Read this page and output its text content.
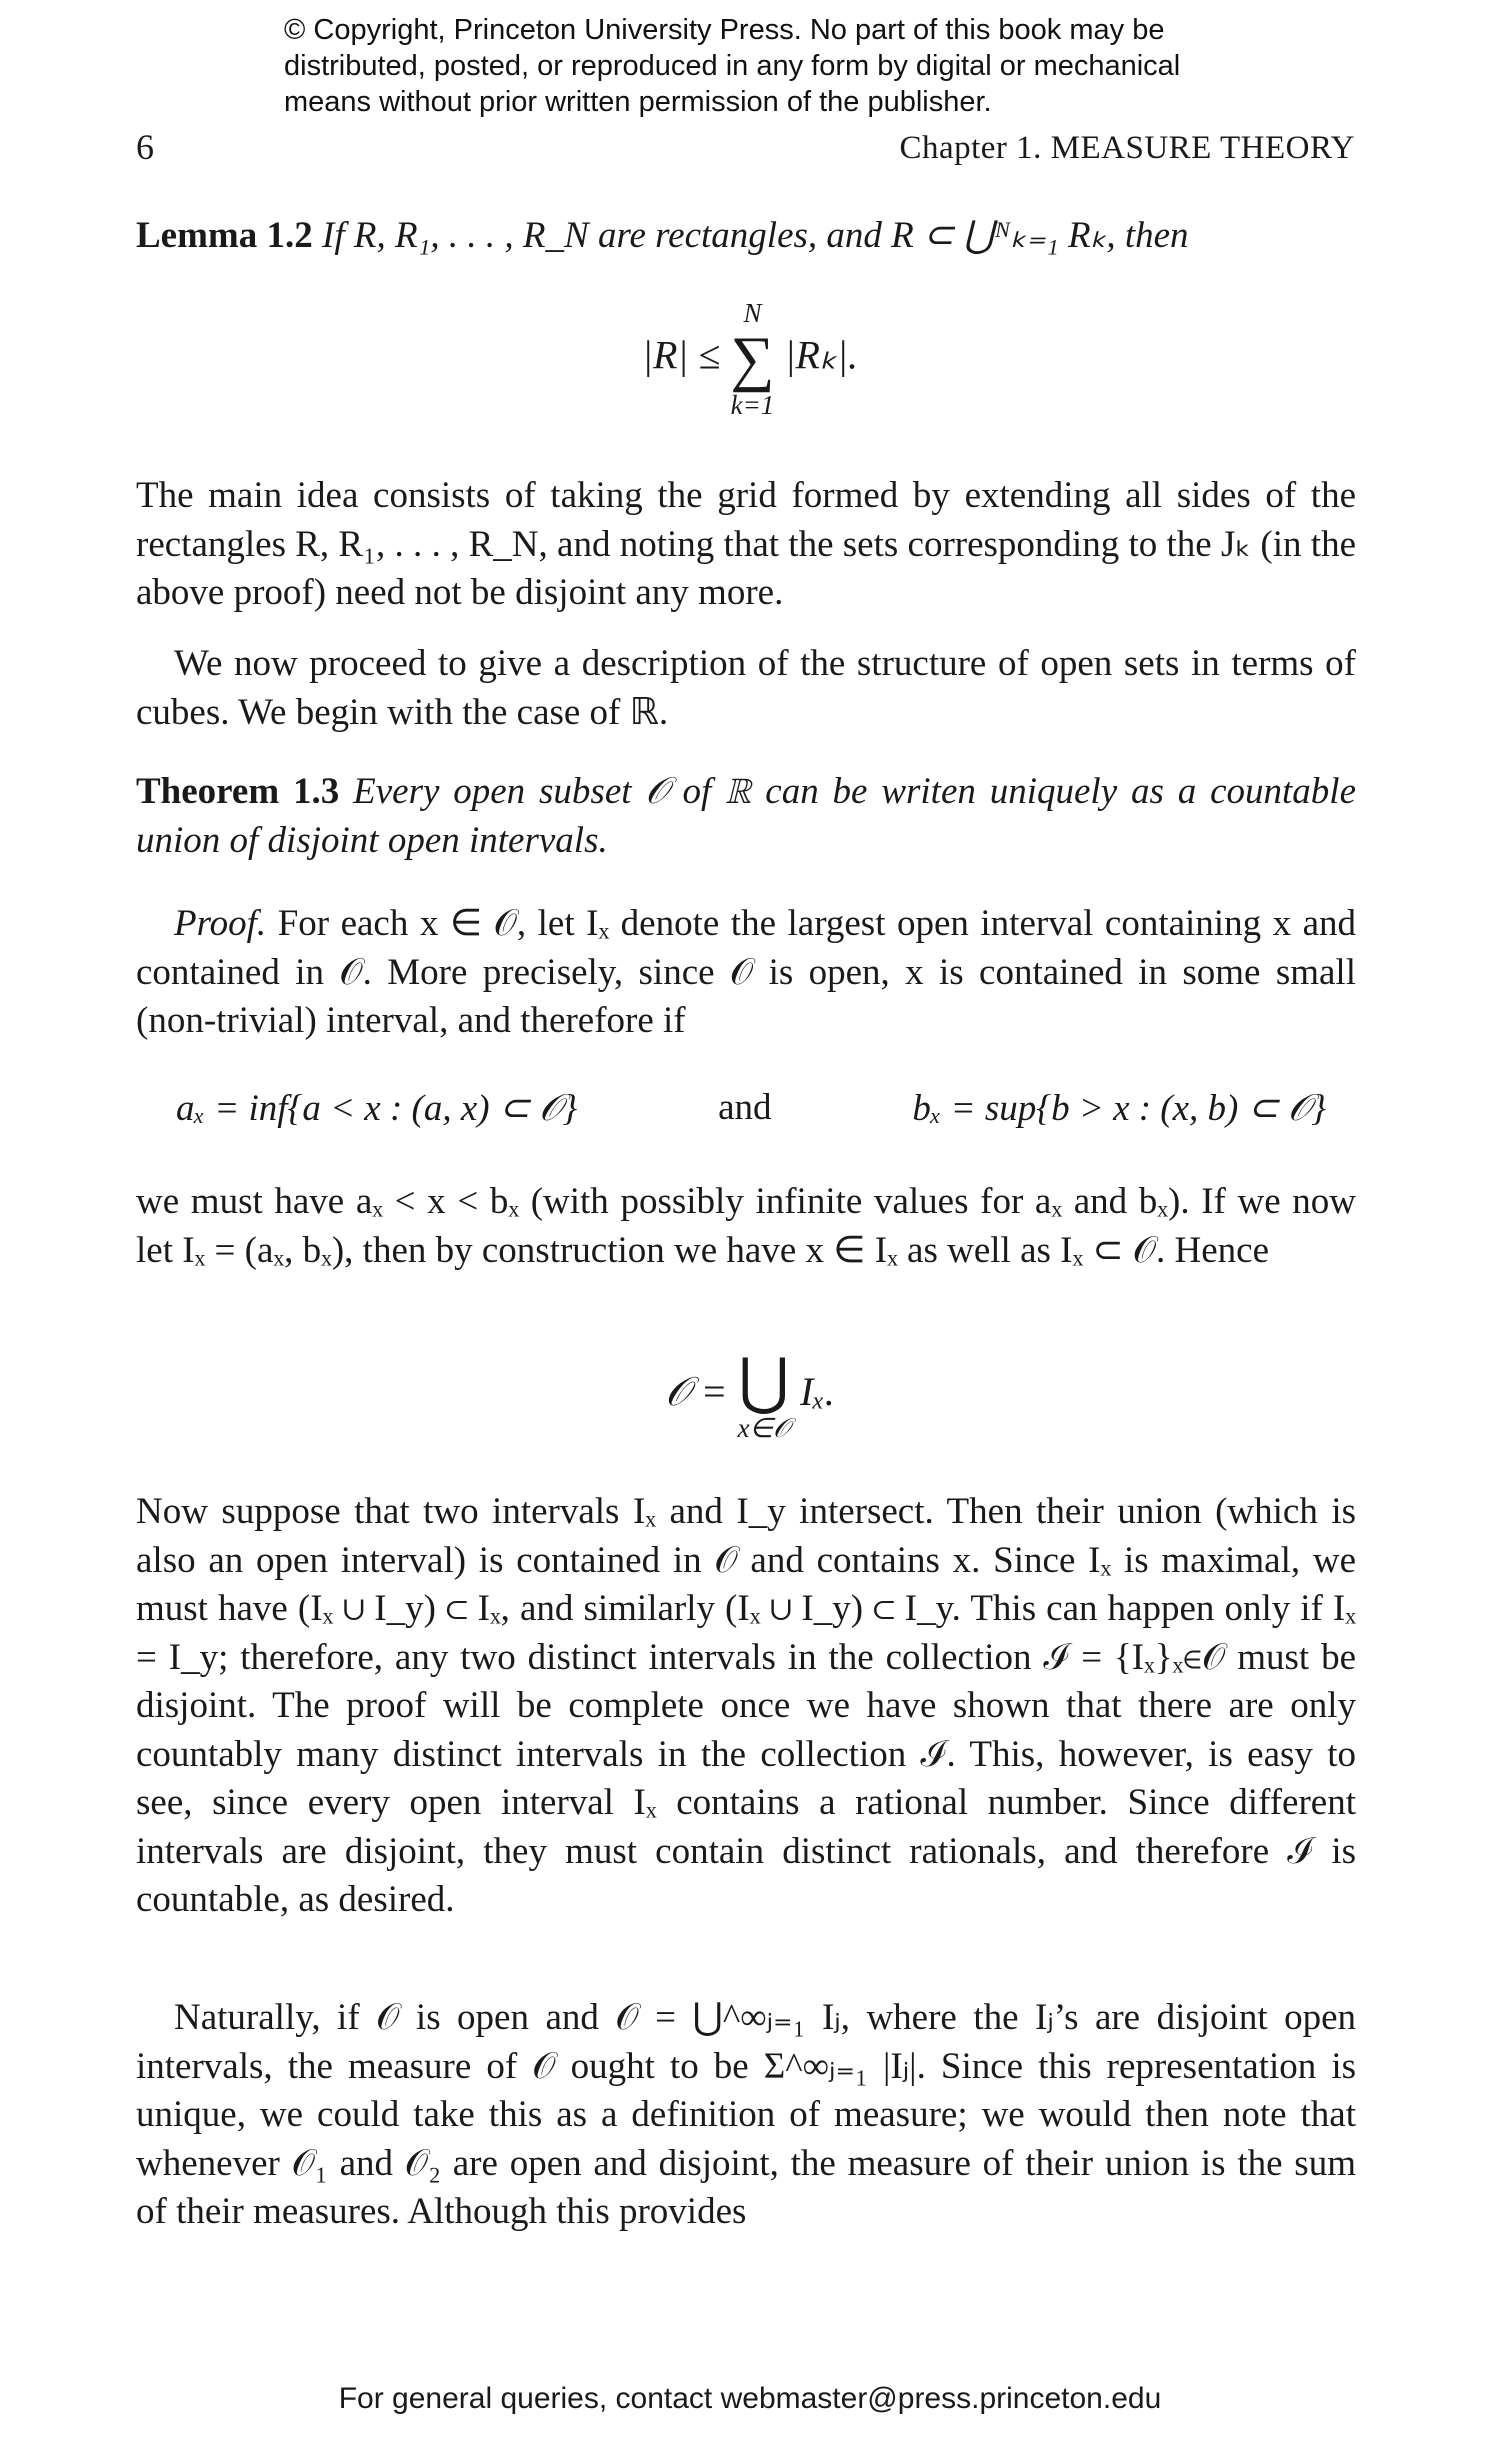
© Copyright, Princeton University Press. No part of this book may be
distributed, posted, or reproduced in any form by digital or mechanical
means without prior written permission of the publisher.
6	Chapter 1. MEASURE THEORY
Lemma 1.2 If R, R₁, . . . , R_N are rectangles, and R ⊂ ⋃ᴺₖ₌₁ Rₖ, then
|R| ≤
N
∑
k=1
|Rₖ|.
The main idea consists of taking the grid formed by extending all sides of the rectangles R, R₁, . . . , R_N, and noting that the sets corresponding to the Jₖ (in the above proof) need not be disjoint any more.
We now proceed to give a description of the structure of open sets in terms of cubes. We begin with the case of ℝ.
Theorem 1.3 Every open subset 𝒪 of ℝ can be writen uniquely as a countable union of disjoint open intervals.
Proof. For each x ∈ 𝒪, let Iₓ denote the largest open interval containing x and contained in 𝒪. More precisely, since 𝒪 is open, x is contained in some small (non-trivial) interval, and therefore if
aₓ = inf{a < x : (a, x) ⊂ 𝒪}	and	bₓ = sup{b > x : (x, b) ⊂ 𝒪}
we must have aₓ < x < bₓ (with possibly infinite values for aₓ and bₓ). If we now let Iₓ = (aₓ, bₓ), then by construction we have x ∈ Iₓ as well as Iₓ ⊂ 𝒪. Hence
𝒪 = ⋃
x∈𝒪
Iₓ.
Now suppose that two intervals Iₓ and I_y intersect. Then their union (which is also an open interval) is contained in 𝒪 and contains x. Since Iₓ is maximal, we must have (Iₓ ∪ I_y) ⊂ Iₓ, and similarly (Iₓ ∪ I_y) ⊂ I_y. This can happen only if Iₓ = I_y; therefore, any two distinct intervals in the collection ℐ = {Iₓ}ₓ∈𝒪 must be disjoint. The proof will be complete once we have shown that there are only countably many distinct intervals in the collection ℐ. This, however, is easy to see, since every open interval Iₓ contains a rational number. Since different intervals are disjoint, they must contain distinct rationals, and therefore ℐ is countable, as desired.
Naturally, if 𝒪 is open and 𝒪 = ⋃^∞ⱼ₌₁ Iⱼ, where the Iⱼ’s are disjoint open intervals, the measure of 𝒪 ought to be Σ^∞ⱼ₌₁ |Iⱼ|. Since this representation is unique, we could take this as a definition of measure; we would then note that whenever 𝒪₁ and 𝒪₂ are open and disjoint, the measure of their union is the sum of their measures. Although this provides
For general queries, contact webmaster@press.princeton.edu
